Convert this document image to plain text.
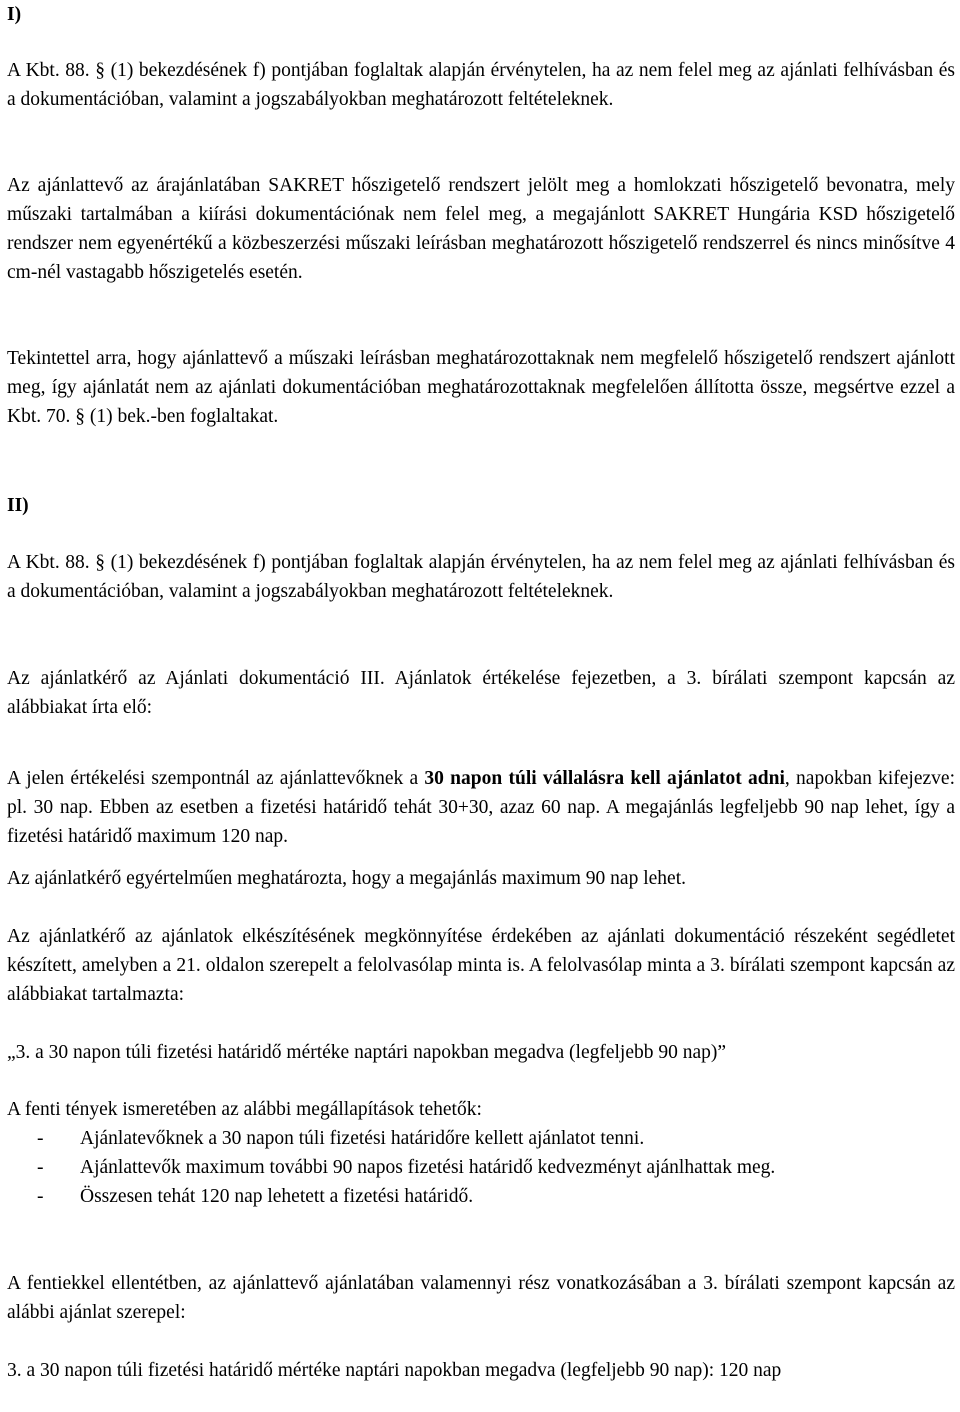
I)

A Kbt. 88. § (1) bekezdésének f) pontjában foglaltak alapján érvénytelen, ha az nem felel meg az ajánlati felhívásban és a dokumentációban, valamint a jogszabályokban meghatározott feltételeknek.

Az ajánlattevő az árajánlatában SAKRET hőszigetelő rendszert jelölt meg a homlokzati hőszigetelő bevonatra, mely műszaki tartalmában a kiírási dokumentációnak nem felel meg, a megajánlott SAKRET Hungária KSD hőszigetelő rendszer nem egyenértékű a közbeszerzési műszaki leírásban meghatározott hőszigetelő rendszerrel és nincs minősítve 4 cm-nél vastagabb hőszigetelés esetén.

Tekintettel arra, hogy ajánlattevő a műszaki leírásban meghatározottaknak nem megfelelő hőszigetelő rendszert ajánlott meg, így ajánlatát nem az ajánlati dokumentációban meghatározottaknak megfelelően állította össze, megsértve ezzel a Kbt. 70. § (1) bek.-ben foglaltakat.

II)

A Kbt. 88. § (1) bekezdésének f) pontjában foglaltak alapján érvénytelen, ha az nem felel meg az ajánlati felhívásban és a dokumentációban, valamint a jogszabályokban meghatározott feltételeknek.

Az ajánlatkérő az Ajánlati dokumentáció III. Ajánlatok értékelése fejezetben, a 3. bírálati szempont kapcsán az alábbiakat írta elő:

A jelen értékelési szempontnál az ajánlattevőknek a 30 napon túli vállalásra kell ajánlatot adni, napokban kifejezve: pl. 30 nap. Ebben az esetben a fizetési határidő tehát 30+30, azaz 60 nap. A megajánlás legfeljebb 90 nap lehet, így a fizetési határidő maximum 120 nap.

Az ajánlatkérő egyértelműen meghatározta, hogy a megajánlás maximum 90 nap lehet.

Az ajánlatkérő az ajánlatok elkészítésének megkönnyítése érdekében az ajánlati dokumentáció részeként segédletet készített, amelyben a 21. oldalon szerepelt a felolvasólap minta is. A felolvasólap minta a 3. bírálati szempont kapcsán az alábbiakat tartalmazta:

„3. a 30 napon túli fizetési határidő mértéke naptári napokban megadva (legfeljebb 90 nap)”

A fenti tények ismeretében az alábbi megállapítások tehetők:

- Ajánlatevőknek a 30 napon túli fizetési határidőre kellett ajánlatot tenni.
- Ajánlattevők maximum további 90 napos fizetési határidő kedvezményt ajánlhattak meg.
- Összesen tehát 120 nap lehetett a fizetési határidő.

A fentiekkel ellentétben, az ajánlattevő ajánlatában valamennyi rész vonatkozásában a 3. bírálati szempont kapcsán az alábbi ajánlat szerepel:

3. a 30 napon túli fizetési határidő mértéke naptári napokban megadva (legfeljebb 90 nap): 120 nap
